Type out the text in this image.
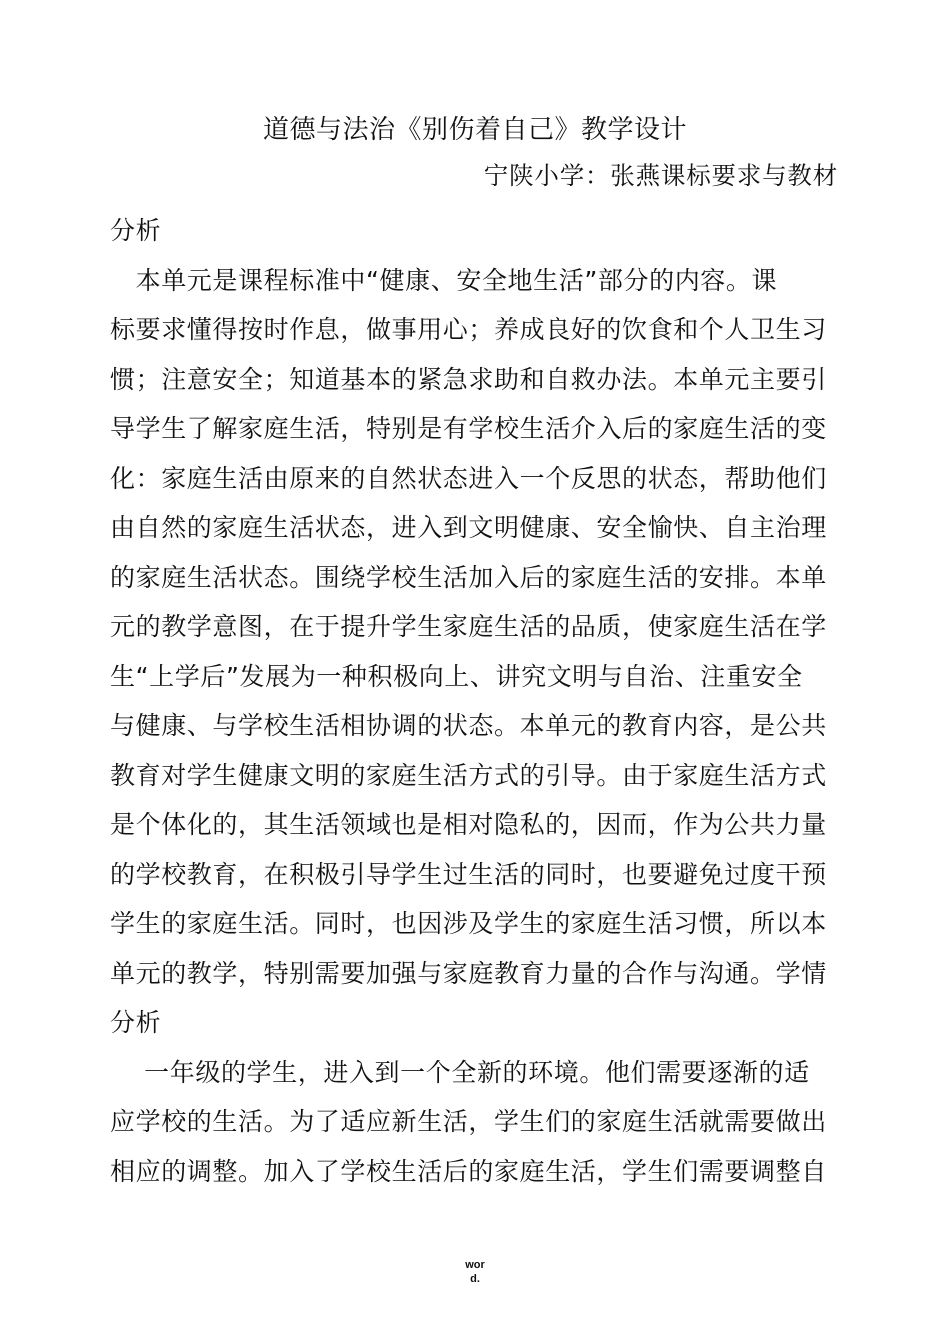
道德与法治《别伤着自己》教学设计
宁陕小学：张燕课标要求与教材
分析
　本单元是课程标准中“健康、安全地生活”部分的内容。课
标要求懂得按时作息，做事用心；养成良好的饮食和个人卫生习
惯；注意安全；知道基本的紧急求助和自救办法。本单元主要引
导学生了解家庭生活，特别是有学校生活介入后的家庭生活的变
化：家庭生活由原来的自然状态进入一个反思的状态，帮助他们
由自然的家庭生活状态，进入到文明健康、安全愉快、自主治理
的家庭生活状态。围绕学校生活加入后的家庭生活的安排。本单
元的教学意图，在于提升学生家庭生活的品质，使家庭生活在学
生“上学后”发展为一种积极向上、讲究文明与自治、注重安全
与健康、与学校生活相协调的状态。本单元的教育内容，是公共
教育对学生健康文明的家庭生活方式的引导。由于家庭生活方式
是个体化的，其生活领域也是相对隐私的，因而，作为公共力量
的学校教育，在积极引导学生过生活的同时，也要避免过度干预
学生的家庭生活。同时，也因涉及学生的家庭生活习惯，所以本
单元的教学，特别需要加强与家庭教育力量的合作与沟通。学情
分析
　 一年级的学生，进入到一个全新的环境。他们需要逐渐的适
应学校的生活。为了适应新生活，学生们的家庭生活就需要做出
相应的调整。加入了学校生活后的家庭生活，学生们需要调整自
wor
d.
